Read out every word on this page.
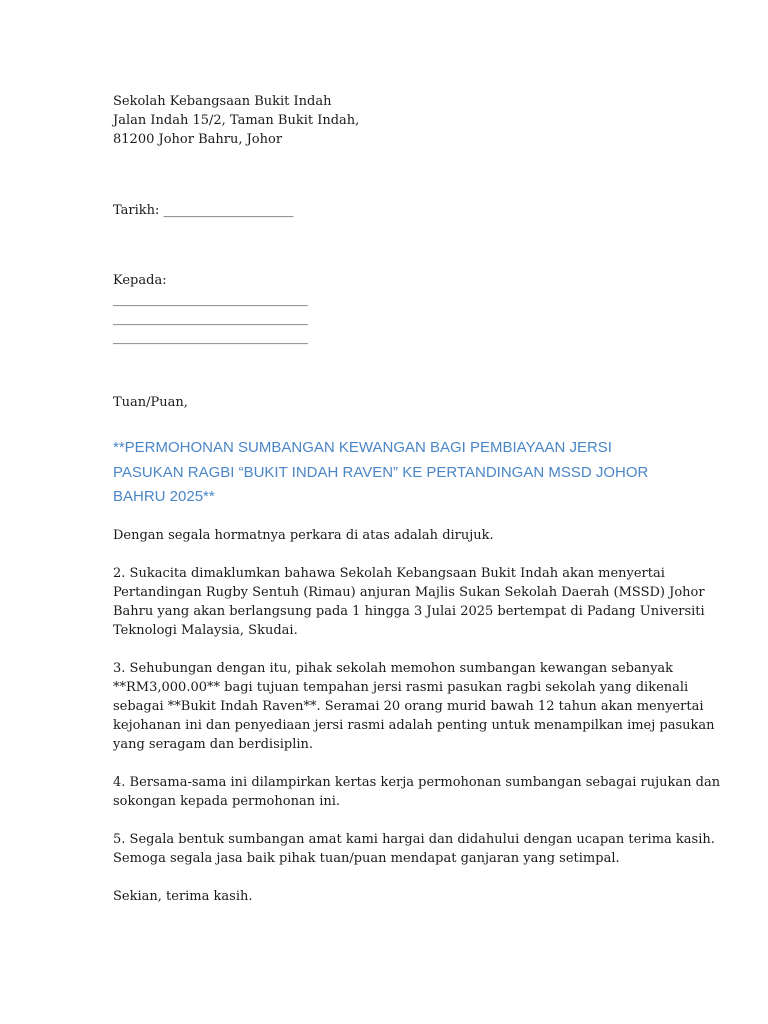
Sekolah Kebangsaan Bukit Indah
Jalan Indah 15/2, Taman Bukit Indah,
81200 Johor Bahru, Johor
Tarikh: ____________________
Kepada:
______________________________
______________________________
______________________________
Tuan/Puan,
**PERMOHONAN SUMBANGAN KEWANGAN BAGI PEMBIAYAAN JERSI
PASUKAN RAGBI “BUKIT INDAH RAVEN” KE PERTANDINGAN MSSD JOHOR
BAHRU 2025**
Dengan segala hormatnya perkara di atas adalah dirujuk.
2. Sukacita dimaklumkan bahawa Sekolah Kebangsaan Bukit Indah akan menyertai
Pertandingan Rugby Sentuh (Rimau) anjuran Majlis Sukan Sekolah Daerah (MSSD) Johor
Bahru yang akan berlangsung pada 1 hingga 3 Julai 2025 bertempat di Padang Universiti
Teknologi Malaysia, Skudai.
3. Sehubungan dengan itu, pihak sekolah memohon sumbangan kewangan sebanyak
**RM3,000.00** bagi tujuan tempahan jersi rasmi pasukan ragbi sekolah yang dikenali
sebagai **Bukit Indah Raven**. Seramai 20 orang murid bawah 12 tahun akan menyertai
kejohanan ini dan penyediaan jersi rasmi adalah penting untuk menampilkan imej pasukan
yang seragam dan berdisiplin.
4. Bersama-sama ini dilampirkan kertas kerja permohonan sumbangan sebagai rujukan dan
sokongan kepada permohonan ini.
5. Segala bentuk sumbangan amat kami hargai dan didahului dengan ucapan terima kasih.
Semoga segala jasa baik pihak tuan/puan mendapat ganjaran yang setimpal.
Sekian, terima kasih.
